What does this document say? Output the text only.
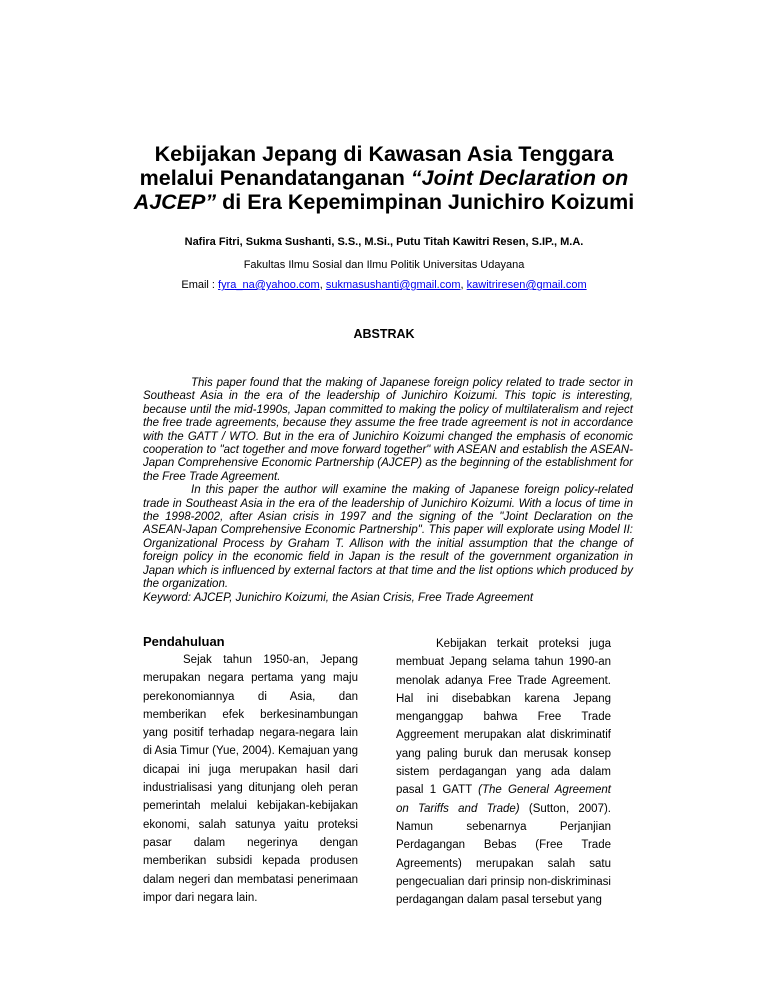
Kebijakan Jepang di Kawasan Asia Tenggara melalui Penandatanganan “Joint Declaration on AJCEP” di Era Kepemimpinan Junichiro Koizumi

Nafira Fitri, Sukma Sushanti, S.S., M.Si., Putu Titah Kawitri Resen, S.IP., M.A.

Fakultas Ilmu Sosial dan Ilmu Politik Universitas Udayana

Email : fyra_na@yahoo.com, sukmasushanti@gmail.com, kawitriresen@gmail.com

ABSTRAK

This paper found that the making of Japanese foreign policy related to trade sector in Southeast Asia in the era of the leadership of Junichiro Koizumi. This topic is interesting, because until the mid-1990s, Japan committed to making the policy of multilateralism and reject the free trade agreements, because they assume the free trade agreement is not in accordance with the GATT / WTO. But in the era of Junichiro Koizumi changed the emphasis of economic cooperation to "act together and move forward together" with ASEAN and establish the ASEAN-Japan Comprehensive Economic Partnership (AJCEP) as the beginning of the establishment for the Free Trade Agreement.

In this paper the author will examine the making of Japanese foreign policy-related trade in Southeast Asia in the era of the leadership of Junichiro Koizumi. With a locus of time in the 1998-2002, after Asian crisis in 1997 and the signing of the "Joint Declaration on the ASEAN-Japan Comprehensive Economic Partnership". This paper will explorate using Model II: Organizational Process by Graham T. Allison with the initial assumption that the change of foreign policy in the economic field in Japan is the result of the government organization in Japan which is influenced by external factors at that time and the list options which produced by the organization.

Keyword: AJCEP, Junichiro Koizumi, the Asian Crisis, Free Trade Agreement

Pendahuluan

Sejak tahun 1950-an, Jepang merupakan negara pertama yang maju perekonomiannya di Asia, dan memberikan efek berkesinambungan yang positif terhadap negara-negara lain di Asia Timur (Yue, 2004). Kemajuan yang dicapai ini juga merupakan hasil dari industrialisasi yang ditunjang oleh peran pemerintah melalui kebijakan-kebijakan ekonomi, salah satunya yaitu proteksi pasar dalam negerinya dengan memberikan subsidi kepada produsen dalam negeri dan membatasi penerimaan impor dari negara lain.

Kebijakan terkait proteksi juga membuat Jepang selama tahun 1990-an menolak adanya Free Trade Agreement. Hal ini disebabkan karena Jepang menganggap bahwa Free Trade Aggreement merupakan alat diskriminatif yang paling buruk dan merusak konsep sistem perdagangan yang ada dalam pasal 1 GATT (The General Agreement on Tariffs and Trade) (Sutton, 2007). Namun sebenarnya Perjanjian Perdagangan Bebas (Free Trade Agreements) merupakan salah satu pengecualian dari prinsip non-diskriminasi perdagangan dalam pasal tersebut yang
